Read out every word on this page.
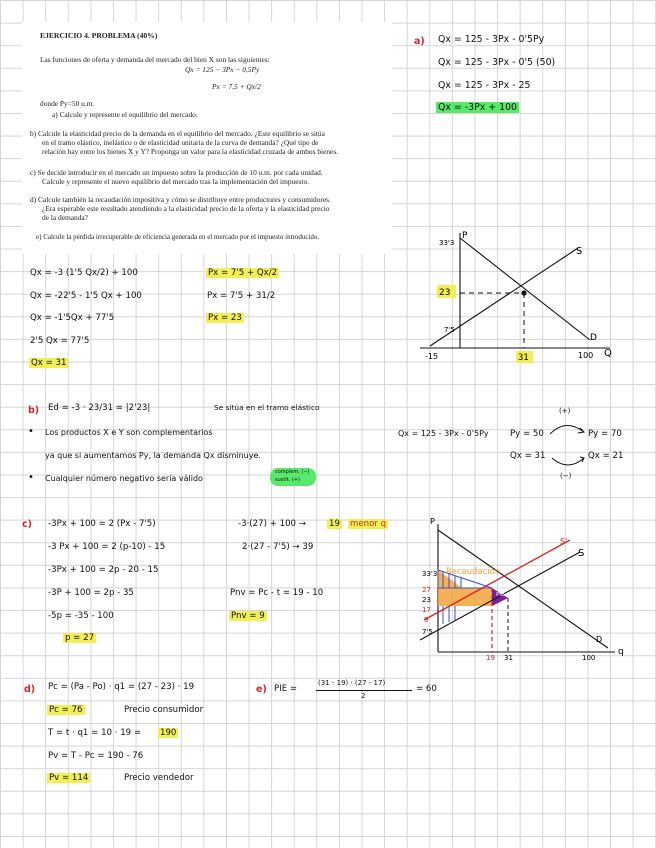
EJERCICIO 4. PROBLEMA (40%)
Las funciones de oferta y demanda del mercado del bien X son las siguientes:
Qx = 125 − 3Px − 0,5Py
Px = 7,5 + Qx/2
donde Py=50 u.m.
a) Calcule y represente el equilibrio del mercado.
b) Calcule la elasticidad precio de la demanda en el equilibrio del mercado. ¿Este equilibrio se sitúa
en el tramo elástico, inelástico o de elasticidad unitaria de la curva de demanda? ¿Qué tipo de
relación hay entre los bienes X y Y? Proponga un valor para la elasticidad cruzada de ambos bienes.
c) Se decide introducir en el mercado un impuesto sobre la producción de 10 u.m. por cada unidad.
Calcule y represente el nuevo equilibrio del mercado tras la implementación del impuesto.
d) Calcule también la recaudación impositiva y cómo se distribuye entre productores y consumidores.
¿Era esperable este resultado atendiendo a la elasticidad precio de la oferta y la elasticidad precio
de la demanda?
e) Calcule la pérdida irrecuperable de eficiencia generada en el mercado por el impuesto introducido.
a) Qx = 125 - 3Px - 0'5Py
Qx = 125 - 3Px - 0'5 (50)
Qx = 125 - 3Px - 25
Qx = -3Px + 100
Qx = -3 (1'5 Qx/2) + 100
Qx = -22'5 - 1'5 Qx + 100
Qx = -1'5Qx + 77'5
2'5 Qx = 77'5
Qx = 31
Px = 7'5 + Qx/2
Px = 7'5 + 31/2
Px = 23
23
33'3
7'5
-15	31	100
P
Q
S
D
b) Ed = -3 · 23/31 = |2'23|	Se sitúa en el tramo elástico
• Los productos X e Y son complementarios
ya que si aumentamos Py, la demanda Qx disminuye.
• Cualquier número negativo sería válido
complem. (−)
sustit. (+)
Qx = 125 - 3Px - 0'5Py Py = 50	Py = 70
Qx = 31	Qx = 21
(+)
(−)
c) -3Px + 100 = 2 (Px - 7'5)
-3 Px + 100 = 2 (p-10) - 15
-3Px + 100 = 2p - 20 - 15
-3P + 100 = 2p - 35
-5p = -35 - 100
p = 27
-3·(27) + 100 →	19 menor q
2·(27 - 7'5) → 39
Pnv = Pc - t = 19 - 10
Pnv = 9
33'3
27
23
17
9
7'5
19 31	100
P
q
S
S'
D
Recaudación
PIE
d) Pc = (Pa - Po) · q1 = (27 - 23) · 19
Pc = 76	Precio consumidor
T = t · q1 = 10 · 19 = 190
Pv = T - Pc = 190 - 76
Pv = 114	Precio vendedor
e) PIE =
(31 - 19) · (27 - 17)
2
= 60
